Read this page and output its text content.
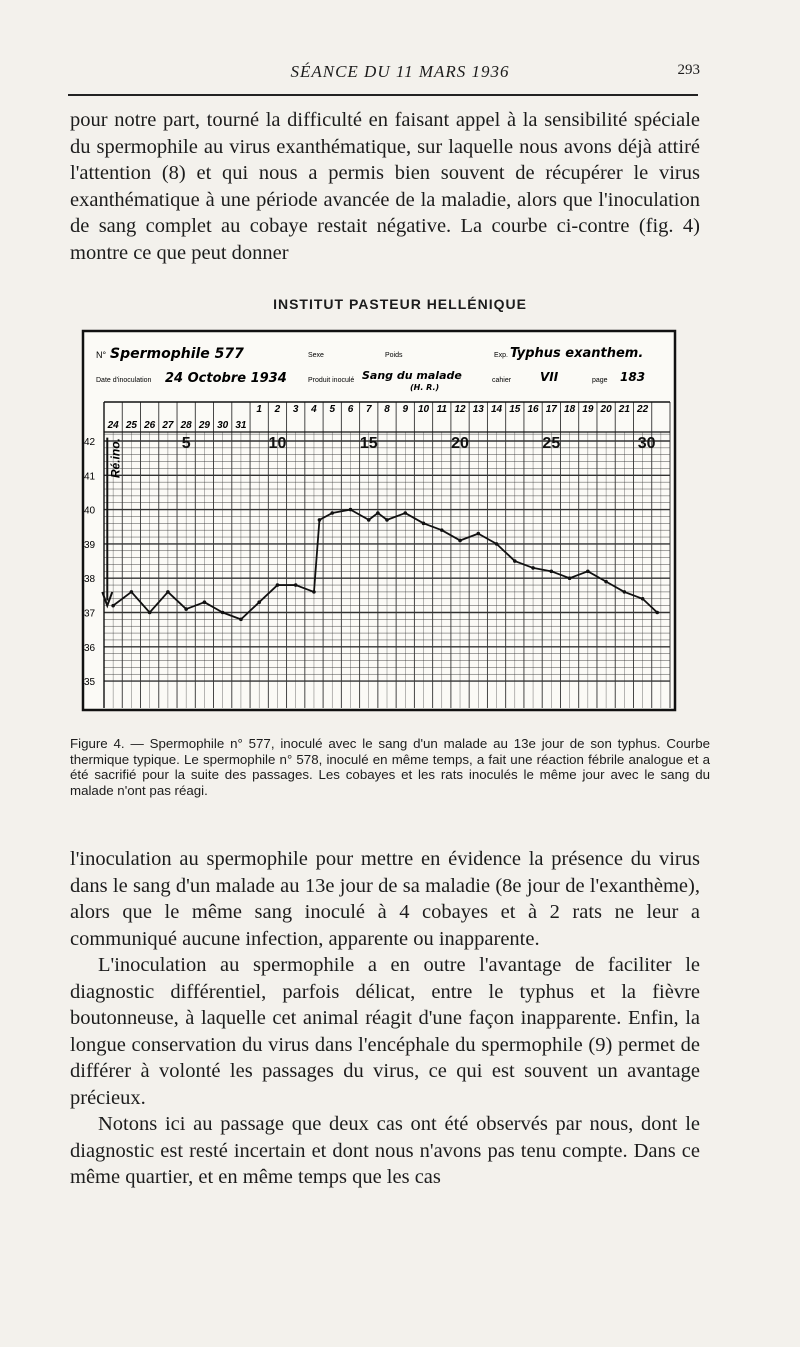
SÉANCE DU 11 MARS 1936	293

pour notre part, tourné la difficulté en faisant appel à la sensibilité spéciale du spermophile au virus exanthématique, sur laquelle nous avons déjà attiré l'attention (8) et qui nous a permis bien souvent de récupérer le virus exanthématique à une période avancée de la maladie, alors que l'inoculation de sang complet au cobaye restait négative. La courbe ci-contre (fig. 4) montre ce que peut donner

INSTITUT PASTEUR HELLÉNIQUE
N° Spermophile 577	Sexe	Poids	Exp. Typhus exanthem.
Date d'inoculation 24 Octobre 1934	Produit inoculé Sang du malade
(H. R.)
cahier VII	page 183
24 25 26 27 28 29 30 31
1 2 3 4 5 6 7 8 9 10 11 12 13 14 15 16 17 18 19 20 21 22
42
41
40
39
38
37
36
35
5	10	15	20	25	30
Ré.ino.

Figure 4. — Spermophile n° 577, inoculé avec le sang d'un malade au 13e jour de son typhus. Courbe thermique typique. Le spermophile n° 578, inoculé en même temps, a fait une réaction fébrile analogue et a été sacrifié pour la suite des passages. Les cobayes et les rats inoculés le même jour avec le sang du malade n'ont pas réagi.

l'inoculation au spermophile pour mettre en évidence la présence du virus dans le sang d'un malade au 13e jour de sa maladie (8e jour de l'exanthème), alors que le même sang inoculé à 4 cobayes et à 2 rats ne leur a communiqué aucune infection, apparente ou inapparente.

L'inoculation au spermophile a en outre l'avantage de faciliter le diagnostic différentiel, parfois délicat, entre le typhus et la fièvre boutonneuse, à laquelle cet animal réagit d'une façon inapparente. Enfin, la longue conservation du virus dans l'encéphale du spermophile (9) permet de différer à volonté les passages du virus, ce qui est souvent un avantage précieux.

Notons ici au passage que deux cas ont été observés par nous, dont le diagnostic est resté incertain et dont nous n'avons pas tenu compte. Dans ce même quartier, et en même temps que les cas
